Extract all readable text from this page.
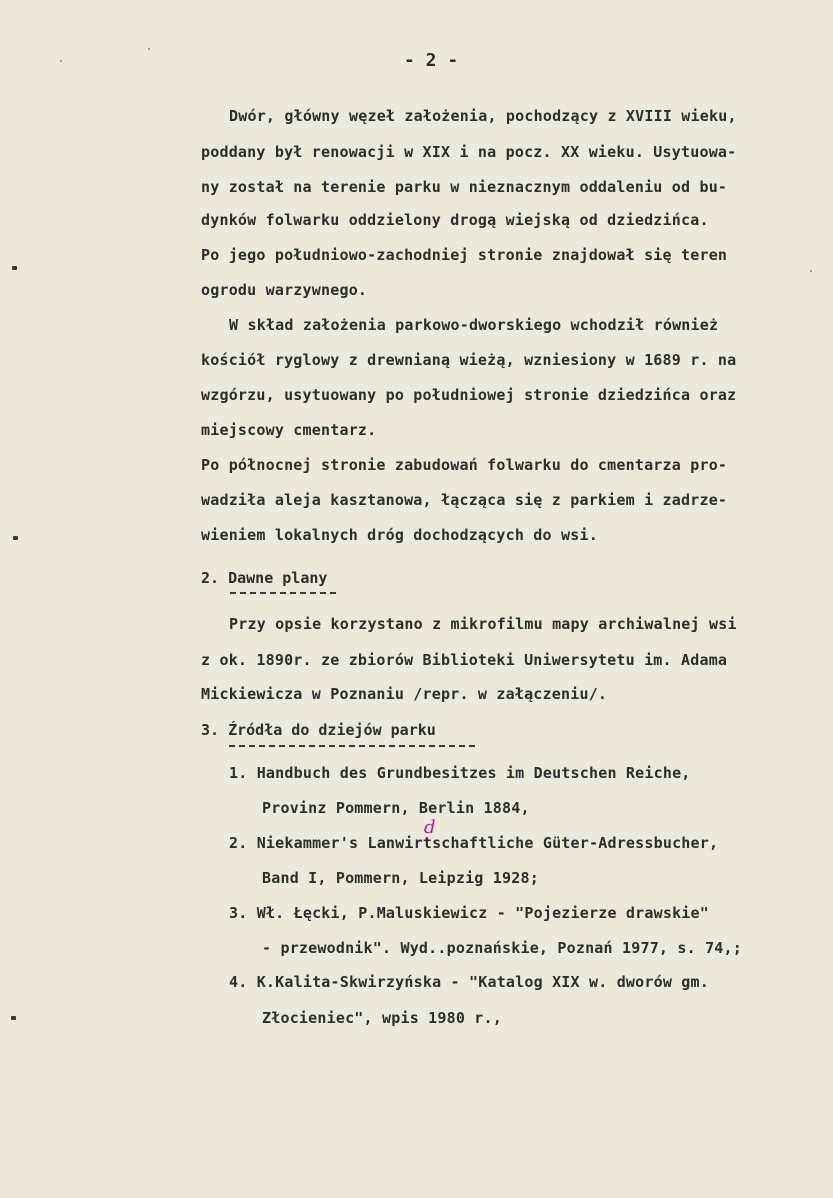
- 2 -
Dwór, główny węzeł założenia, pochodzący z XVIII wieku,
poddany był renowacji w XIX i na pocz. XX wieku. Usytuowa-
ny został na terenie parku w nieznacznym oddaleniu od bu-
dynków folwarku oddzielony drogą wiejską od dziedzińca.
Po jego południowo-zachodniej stronie znajdował się teren
ogrodu warzywnego.
W skład założenia parkowo-dworskiego wchodził również
kościół ryglowy z drewnianą wieżą, wzniesiony w 1689 r. na
wzgórzu, usytuowany po południowej stronie dziedzińca oraz
miejscowy cmentarz.
Po północnej stronie zabudowań folwarku do cmentarza pro-
wadziła aleja kasztanowa, łącząca się z parkiem i zadrze-
wieniem lokalnych dróg dochodzących do wsi.
2. Dawne plany
Przy opsie korzystano z mikrofilmu mapy archiwalnej wsi
z ok. 1890r. ze zbiorów Biblioteki Uniwersytetu im. Adama
Mickiewicza w Poznaniu /repr. w załączeniu/.
3. Źródła do dziejów parku
1. Handbuch des Grundbesitzes im Deutschen Reiche,
Provinz Pommern, Berlin 1884,
2. Niekammer's Lanwirtschaftliche Güter-Adressbucher,
Band I, Pommern, Leipzig 1928;
3. Wł. Łęcki, P.Maluskiewicz - "Pojezierze drawskie"
- przewodnik". Wyd..poznańskie, Poznań 1977, s. 74,;
4. K.Kalita-Skwirzyńska - "Katalog XIX w. dworów gm.
Złocieniec", wpis 1980 r.,
d
